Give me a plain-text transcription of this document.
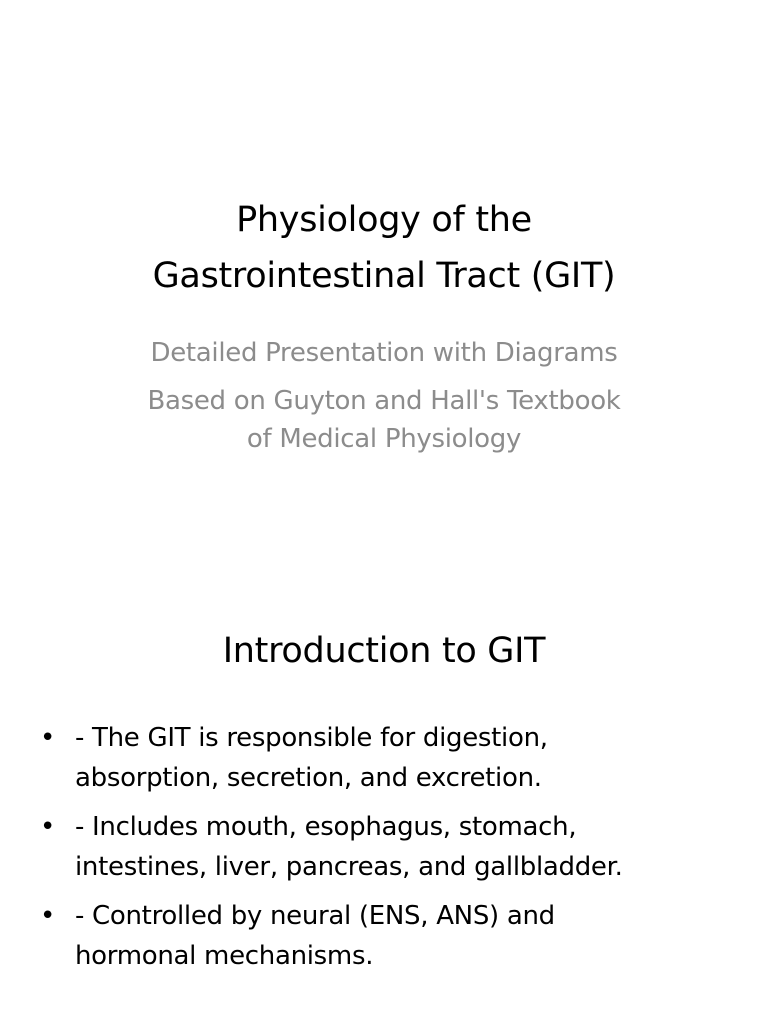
Physiology of the
Gastrointestinal Tract (GIT)
Detailed Presentation with Diagrams
Based on Guyton and Hall's Textbook
of Medical Physiology
Introduction to GIT
• - The GIT is responsible for digestion,
absorption, secretion, and excretion.
• - Includes mouth, esophagus, stomach,
intestines, liver, pancreas, and gallbladder.
• - Controlled by neural (ENS, ANS) and
hormonal mechanisms.
